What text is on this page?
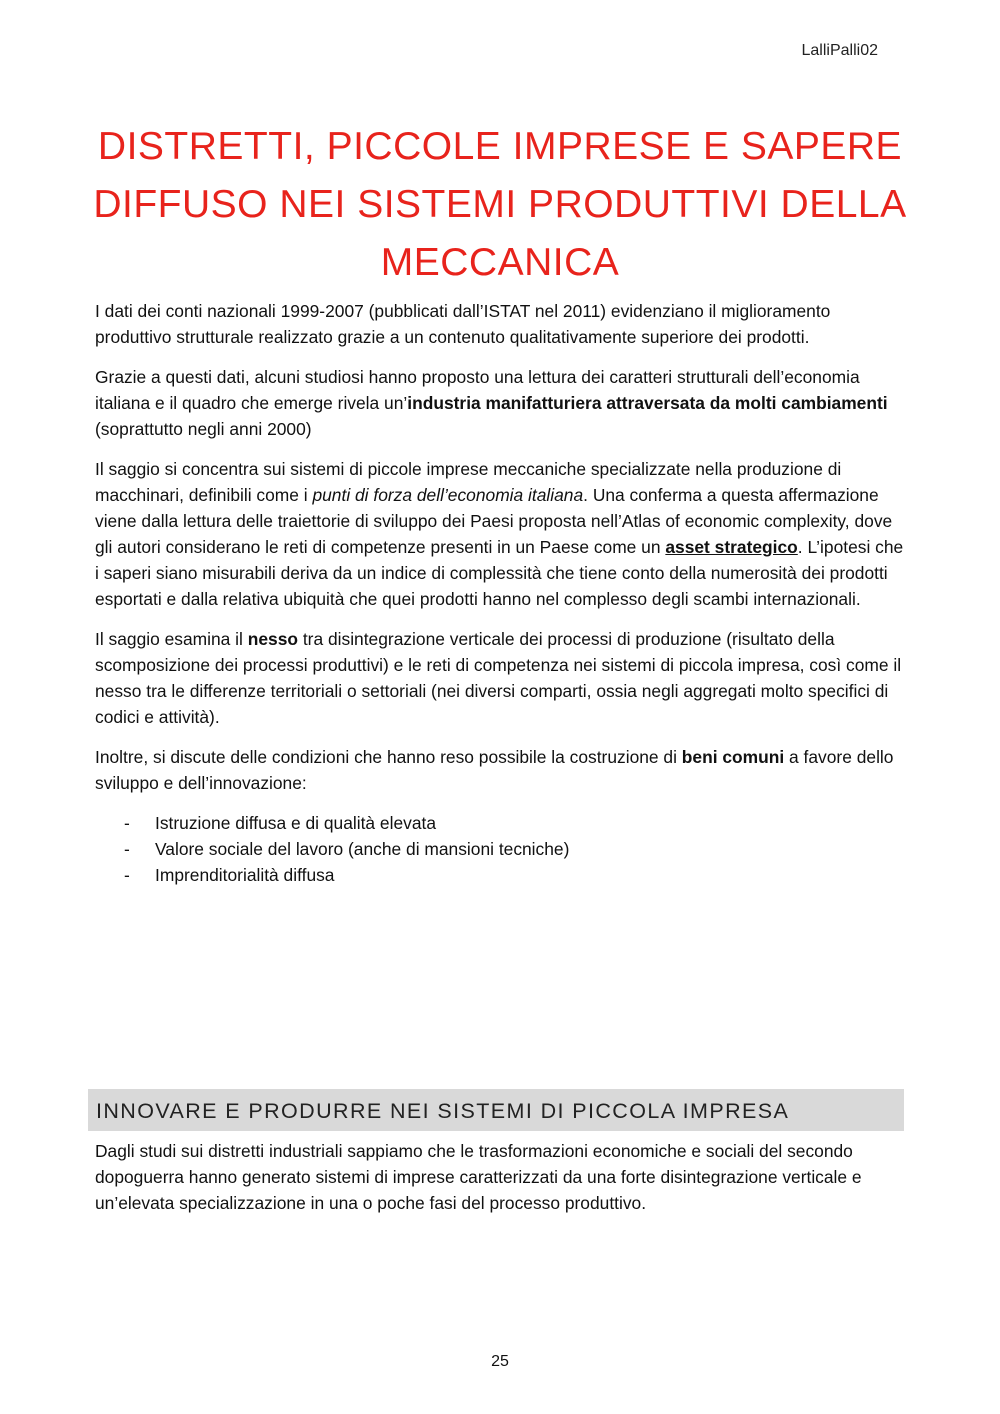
LalliPalli02
DISTRETTI, PICCOLE IMPRESE E SAPERE
DIFFUSO NEI SISTEMI PRODUTTIVI DELLA
MECCANICA

I dati dei conti nazionali 1999-2007 (pubblicati dall’ISTAT nel 2011) evidenziano il miglioramento produttivo strutturale realizzato grazie a un contenuto qualitativamente superiore dei prodotti.

Grazie a questi dati, alcuni studiosi hanno proposto una lettura dei caratteri strutturali dell’economia italiana e il quadro che emerge rivela un’industria manifatturiera attraversata da molti cambiamenti (soprattutto negli anni 2000)

Il saggio si concentra sui sistemi di piccole imprese meccaniche specializzate nella produzione di macchinari, definibili come i punti di forza dell’economia italiana. Una conferma a questa affermazione viene dalla lettura delle traiettorie di sviluppo dei Paesi proposta nell’Atlas of economic complexity, dove gli autori considerano le reti di competenze presenti in un Paese come un asset strategico. L’ipotesi che i saperi siano misurabili deriva da un indice di complessità che tiene conto della numerosità dei prodotti esportati e dalla relativa ubiquità che quei prodotti hanno nel complesso degli scambi internazionali.

Il saggio esamina il nesso tra disintegrazione verticale dei processi di produzione (risultato della scomposizione dei processi produttivi) e le reti di competenza nei sistemi di piccola impresa, così come il nesso tra le differenze territoriali o settoriali (nei diversi comparti, ossia negli aggregati molto specifici di codici e attività).

Inoltre, si discute delle condizioni che hanno reso possibile la costruzione di beni comuni a favore dello sviluppo e dell’innovazione:

- Istruzione diffusa e di qualità elevata
- Valore sociale del lavoro (anche di mansioni tecniche)
- Imprenditorialità diffusa
INNOVARE E PRODURRE NEI SISTEMI DI PICCOLA IMPRESA

Dagli studi sui distretti industriali sappiamo che le trasformazioni economiche e sociali del secondo dopoguerra hanno generato sistemi di imprese caratterizzati da una forte disintegrazione verticale e un’elevata specializzazione in una o poche fasi del processo produttivo.

25
